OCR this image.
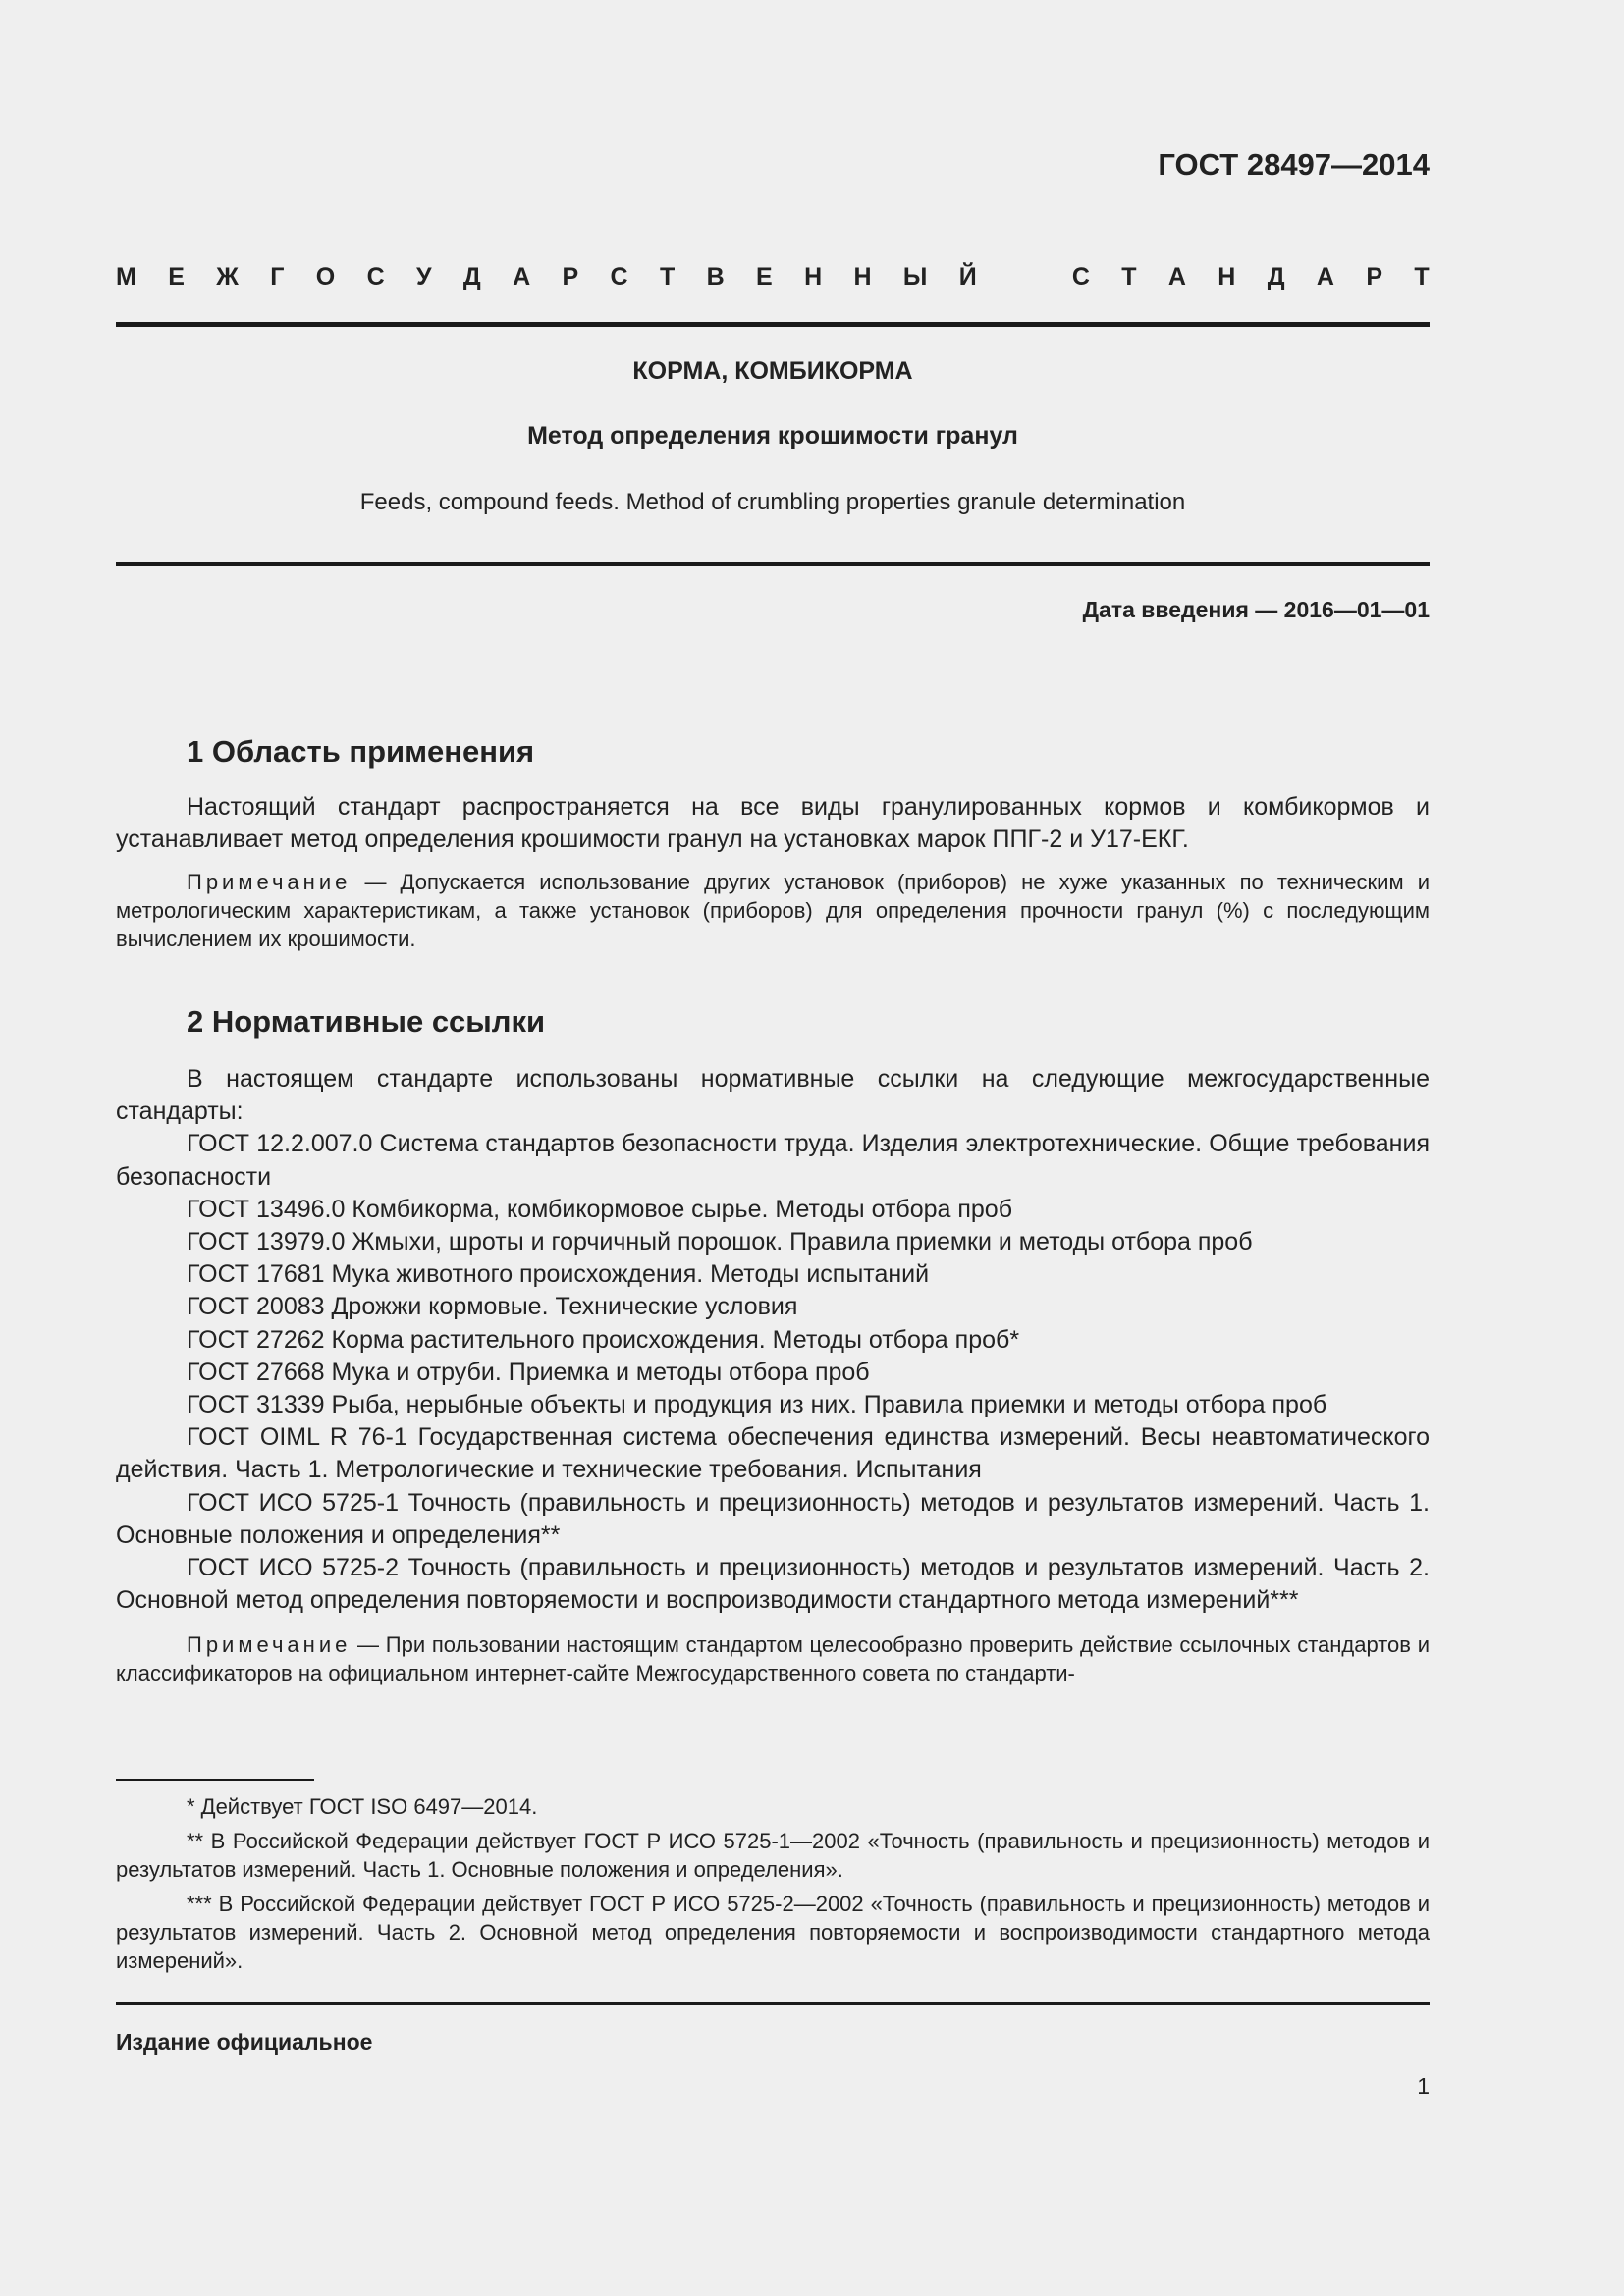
ГОСТ 28497—2014
М Е Ж Г О С У Д А Р С Т В Е Н Н Ы Й	С Т А Н Д А Р Т
КОРМА, КОМБИКОРМА
Метод определения крошимости гранул
Feeds, compound feeds. Method of crumbling properties granule determination
Дата введения — 2016—01—01
1 Область применения

Настоящий стандарт распространяется на все виды гранулированных кормов и комбикормов и устанавливает метод определения крошимости гранул на установках марок ППГ-2 и У17-ЕКГ.

Примечание — Допускается использование других установок (приборов) не хуже указанных по техническим и метрологическим характеристикам, а также установок (приборов) для определения прочности гранул (%) с последующим вычислением их крошимости.

2 Нормативные ссылки

В настоящем стандарте использованы нормативные ссылки на следующие межгосударственные стандарты:

ГОСТ 12.2.007.0 Система стандартов безопасности труда. Изделия электротехнические. Общие требования безопасности

ГОСТ 13496.0 Комбикорма, комбикормовое сырье. Методы отбора проб

ГОСТ 13979.0 Жмыхи, шроты и горчичный порошок. Правила приемки и методы отбора проб

ГОСТ 17681 Мука животного происхождения. Методы испытаний

ГОСТ 20083 Дрожжи кормовые. Технические условия

ГОСТ 27262 Корма растительного происхождения. Методы отбора проб*

ГОСТ 27668 Мука и отруби. Приемка и методы отбора проб

ГОСТ 31339 Рыба, нерыбные объекты и продукция из них. Правила приемки и методы отбора проб

ГОСТ OIML R 76-1 Государственная система обеспечения единства измерений. Весы неавтоматического действия. Часть 1. Метрологические и технические требования. Испытания

ГОСТ ИСО 5725-1 Точность (правильность и прецизионность) методов и результатов измерений. Часть 1. Основные положения и определения**

ГОСТ ИСО 5725-2 Точность (правильность и прецизионность) методов и результатов измерений. Часть 2. Основной метод определения повторяемости и воспроизводимости стандартного метода измерений***

Примечание — При пользовании настоящим стандартом целесообразно проверить действие ссылочных стандартов и классификаторов на официальном интернет-сайте Межгосударственного совета по стандарти-

* Действует ГОСТ ISO 6497—2014.

** В Российской Федерации действует ГОСТ Р ИСО 5725-1—2002 «Точность (правильность и прецизионность) методов и результатов измерений. Часть 1. Основные положения и определения».

*** В Российской Федерации действует ГОСТ Р ИСО 5725-2—2002 «Точность (правильность и прецизионность) методов и результатов измерений. Часть 2. Основной метод определения повторяемости и воспроизводимости стандартного метода измерений».

Издание официальное
1
